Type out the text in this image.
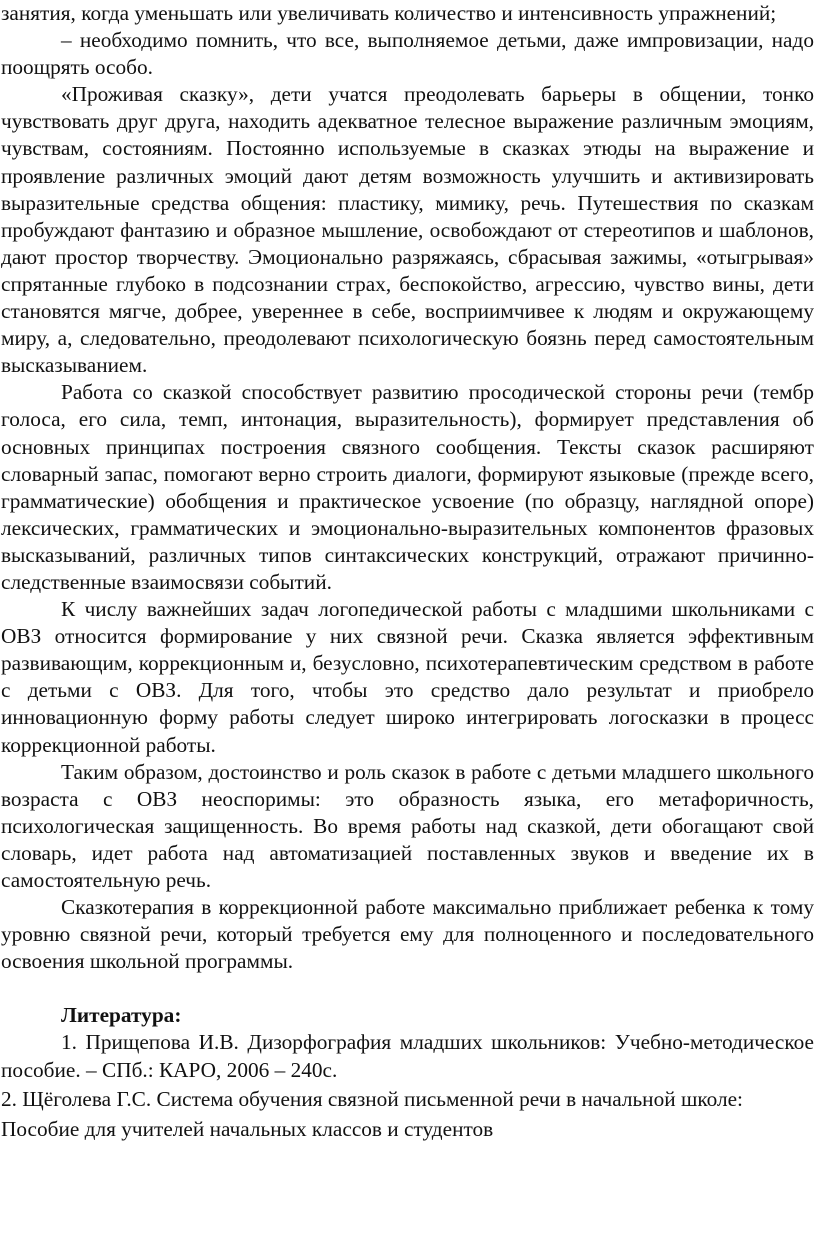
занятия, когда уменьшать или увеличивать количество и интенсивность упражнений;

– необходимо помнить, что все, выполняемое детьми, даже импровизации, надо поощрять особо.

«Проживая сказку», дети учатся преодолевать барьеры в общении, тонко чувствовать друг друга, находить адекватное телесное выражение различным эмоциям, чувствам, состояниям. Постоянно используемые в сказках этюды на выражение и проявление различных эмоций дают детям возможность улучшить и активизировать выразительные средства общения: пластику, мимику, речь. Путешествия по сказкам пробуждают фантазию и образное мышление, освобождают от стереотипов и шаблонов, дают простор творчеству. Эмоционально разряжаясь, сбрасывая зажимы, «отыгрывая» спрятанные глубоко в подсознании страх, беспокойство, агрессию, чувство вины, дети становятся мягче, добрее, увереннее в себе, восприимчивее к людям и окружающему миру, а, следовательно, преодолевают психологическую боязнь перед самостоятельным высказыванием.

Работа со сказкой способствует развитию просодической стороны речи (тембр голоса, его сила, темп, интонация, выразительность), формирует представления об основных принципах построения связного сообщения. Тексты сказок расширяют словарный запас, помогают верно строить диалоги, формируют языковые (прежде всего, грамматические) обобщения и практическое усвоение (по образцу, наглядной опоре) лексических, грамматических и эмоционально-выразительных компонентов фразовых высказываний, различных типов синтаксических конструкций, отражают причинно-следственные взаимосвязи событий.

К числу важнейших задач логопедической работы с младшими школьниками с ОВЗ относится формирование у них связной речи. Сказка является эффективным развивающим, коррекционным и, безусловно, психотерапевтическим средством в работе с детьми с ОВЗ. Для того, чтобы это средство дало результат и приобрело инновационную форму работы следует широко интегрировать логосказки в процесс коррекционной работы.

Таким образом, достоинство и роль сказок в работе с детьми младшего школьного возраста с ОВЗ неоспоримы: это образность языка, его метафоричность, психологическая защищенность. Во время работы над сказкой, дети обогащают свой словарь, идет работа над автоматизацией поставленных звуков и введение их в самостоятельную речь.

Сказкотерапия в коррекционной работе максимально приближает ребенка к тому уровню связной речи, который требуется ему для полноценного и последовательного освоения школьной программы.

Литература:

1. Прищепова И.В. Дизорфография младших школьников: Учебно-методическое пособие. – СПб.: КАРО, 2006 – 240с.

2. Щёголева Г.С. Система обучения связной письменной речи в начальной школе: Пособие для учителей начальных классов и студентов
